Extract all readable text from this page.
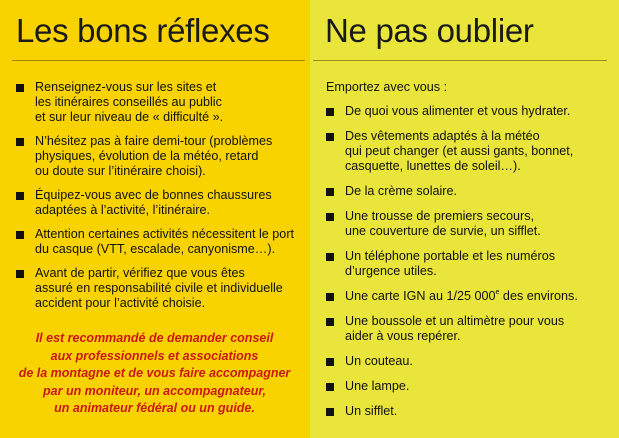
Les bons réflexes
Renseignez-vous sur les sites et
les itinéraires conseillés au public
et sur leur niveau de « difficulté ».
N’hésitez pas à faire demi-tour (problèmes
physiques, évolution de la météo, retard
ou doute sur l’itinéraire choisi).
Équipez-vous avec de bonnes chaussures
adaptées à l’activité, l’itinéraire.
Attention certaines activités nécessitent le port
du casque (VTT, escalade, canyonisme…).
Avant de partir, vérifiez que vous êtes
assuré en responsabilité civile et individuelle
accident pour l’activité choisie.
Il est recommandé de demander conseil
aux professionnels et associations
de la montagne et de vous faire accompagner
par un moniteur, un accompagnateur,
un animateur fédéral ou un guide.
Ne pas oublier
Emportez avec vous :
De quoi vous alimenter et vous hydrater.
Des vêtements adaptés à la météo
qui peut changer (et aussi gants, bonnet,
casquette, lunettes de soleil…).
De la crème solaire.
Une trousse de premiers secours,
une couverture de survie, un sifflet.
Un téléphone portable et les numéros
d’urgence utiles.
Une carte IGN au 1/25 000e des environs.
Une boussole et un altimètre pour vous
aider à vous repérer.
Un couteau.
Une lampe.
Un sifflet.
